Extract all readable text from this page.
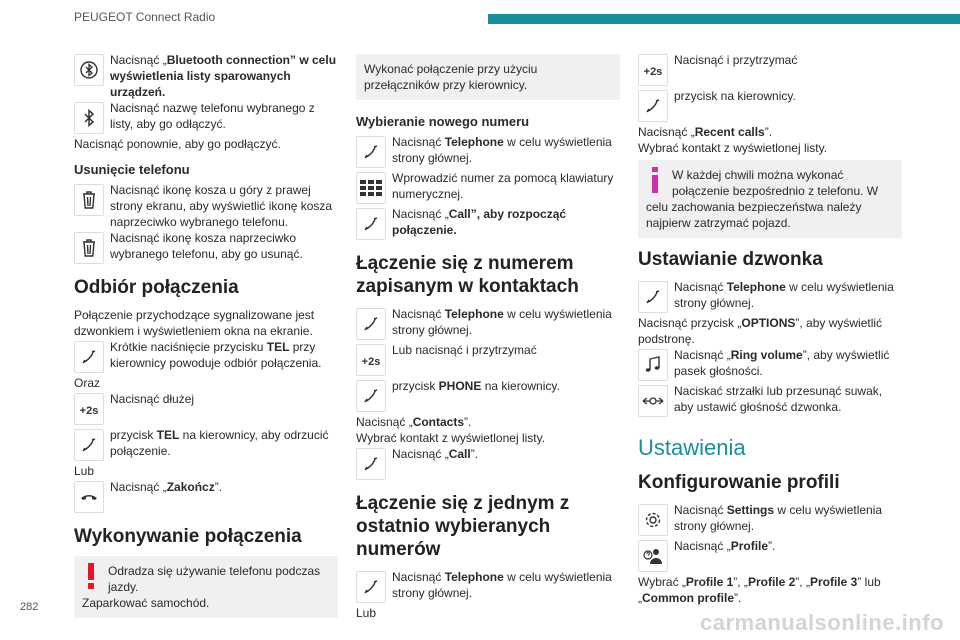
PEUGEOT Connect Radio
Nacisnąć „Bluetooth connection” w celu wyświetlenia listy sparowanych urządzeń.
Nacisnąć nazwę telefonu wybranego z listy, aby go odłączyć.
Nacisnąć ponownie, aby go podłączyć.
Usunięcie telefonu
Nacisnąć ikonę kosza u góry z prawej strony ekranu, aby wyświetlić ikonę kosza naprzeciwko wybranego telefonu.
Nacisnąć ikonę kosza naprzeciwko wybranego telefonu, aby go usunąć.
Odbiór połączenia
Połączenie przychodzące sygnalizowane jest dzwonkiem i wyświetleniem okna na ekranie.
Krótkie naciśnięcie przycisku TEL przy kierownicy powoduje odbiór połączenia.
Oraz
+2s
Nacisnąć dłużej
przycisk TEL na kierownicy, aby odrzucić połączenie.
Lub
Nacisnąć „Zakończ”.
Wykonywanie połączenia
Odradza się używanie telefonu podczas jazdy.
Zaparkować samochód.
Wykonać połączenie przy użyciu przełączników przy kierownicy.
Wybieranie nowego numeru
Nacisnąć Telephone w celu wyświetlenia strony głównej.
Wprowadzić numer za pomocą klawiatury numerycznej.
Nacisnąć „Call”, aby rozpocząć połączenie.
Łączenie się z numerem zapisanym w kontaktach
Nacisnąć Telephone w celu wyświetlenia strony głównej.
+2s
Lub nacisnąć i przytrzymać
przycisk PHONE na kierownicy.
Nacisnąć „Contacts”.
Wybrać kontakt z wyświetlonej listy.
Nacisnąć „Call”.
Łączenie się z jednym z ostatnio wybieranych numerów
Nacisnąć Telephone w celu wyświetlenia strony głównej.
Lub
+2s
Nacisnąć i przytrzymać
przycisk na kierownicy.
Nacisnąć „Recent calls”.
Wybrać kontakt z wyświetlonej listy.
W każdej chwili można wykonać połączenie bezpośrednio z telefonu. W celu zachowania bezpieczeństwa należy najpierw zatrzymać pojazd.
Ustawianie dzwonka
Nacisnąć Telephone w celu wyświetlenia strony głównej.
Nacisnąć przycisk „OPTIONS”, aby wyświetlić podstronę.
Nacisnąć „Ring volume”, aby wyświetlić pasek głośności.
Naciskać strzałki lub przesunąć suwak, aby ustawić głośność dzwonka.
Ustawienia
Konfigurowanie profili
Nacisnąć Settings w celu wyświetlenia strony głównej.
Nacisnąć „Profile”.
Wybrać „Profile 1”, „Profile 2”, „Profile 3” lub „Common profile”.
282
carmanualsonline.info
